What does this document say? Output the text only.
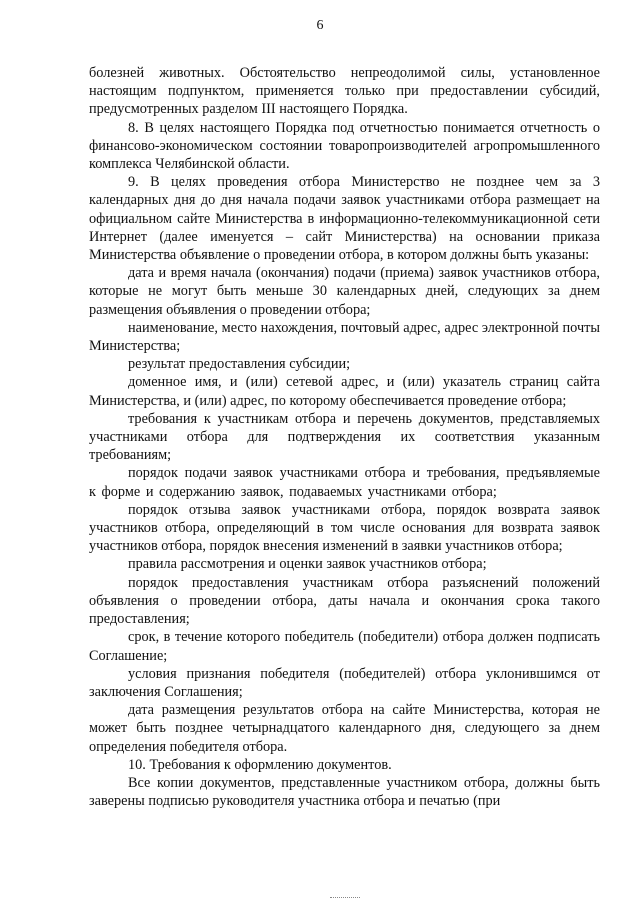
6

болезней животных. Обстоятельство непреодолимой силы, установленное настоящим подпунктом, применяется только при предоставлении субсидий, предусмотренных разделом III настоящего Порядка.

8. В целях настоящего Порядка под отчетностью понимается отчетность о финансово-экономическом состоянии товаропроизводителей агропромышленного комплекса Челябинской области.

9. В целях проведения отбора Министерство не позднее чем за 3 календарных дня до дня начала подачи заявок участниками отбора размещает на официальном сайте Министерства в информационно-телекоммуникационной сети Интернет (далее именуется – сайт Министерства) на основании приказа Министерства объявление о проведении отбора, в котором должны быть указаны:

дата и время начала (окончания) подачи (приема) заявок участников отбора, которые не могут быть меньше 30 календарных дней, следующих за днем размещения объявления о проведении отбора;

наименование, место нахождения, почтовый адрес, адрес электронной почты Министерства;

результат предоставления субсидии;

доменное имя, и (или) сетевой адрес, и (или) указатель страниц сайта Министерства, и (или) адрес, по которому обеспечивается проведение отбора;

требования к участникам отбора и перечень документов, представляемых участниками отбора для подтверждения их соответствия указанным требованиям;

порядок подачи заявок участниками отбора и требования, предъявляемые к форме и содержанию заявок, подаваемых участниками отбора;

порядок отзыва заявок участниками отбора, порядок возврата заявок участников отбора, определяющий в том числе основания для возврата заявок участников отбора, порядок внесения изменений в заявки участников отбора;

правила рассмотрения и оценки заявок участников отбора;

порядок предоставления участникам отбора разъяснений положений объявления о проведении отбора, даты начала и окончания срока такого предоставления;

срок, в течение которого победитель (победители) отбора должен подписать Соглашение;

условия признания победителя (победителей) отбора уклонившимся от заключения Соглашения;

дата размещения результатов отбора на сайте Министерства, которая не может быть позднее четырнадцатого календарного дня, следующего за днем определения победителя отбора.

10. Требования к оформлению документов.

Все копии документов, представленные участником отбора, должны быть заверены подписью руководителя участника отбора и печатью (при
